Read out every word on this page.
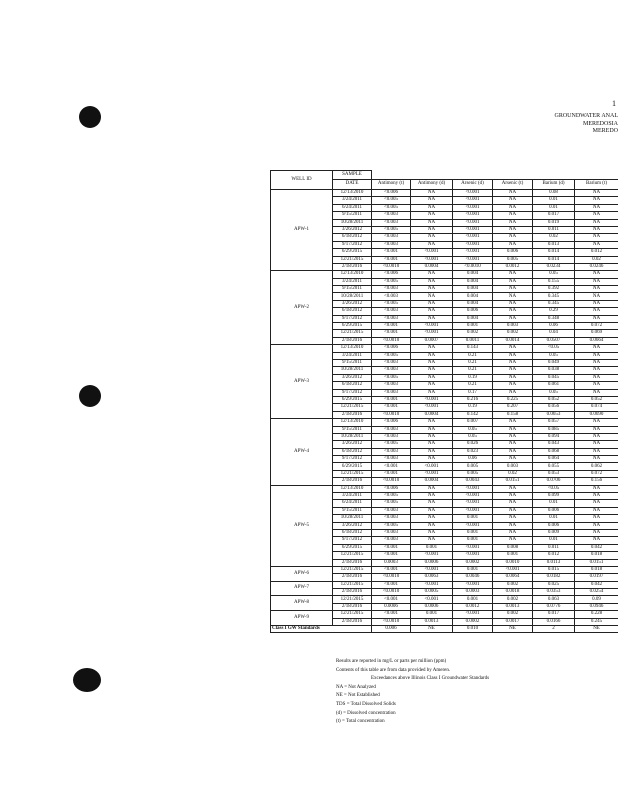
1
GROUNDWATER ANAL
MEREDOSIA
MEREDO
WELL ID	SAMPLE						
	DATE	Antimony (t)	Antimony (d)	Arsenic (d)	Arsenic (t)	Barium (d)	Barium (t)
APW-1	12/13/2010	<0.006	NA	<0.001	NA	0.08	NA
	3/24/2011	<0.005	NA	<0.001	NA	0.01	NA
	6/24/2011	<0.005	NA	<0.001	NA	0.01	NA
	9/15/2011	<0.003	NA	<0.001	NA	0.017	NA
	10/28/2011	<0.003	NA	<0.001	NA	0.019	NA
	3/26/2012	<0.005	NA	<0.001	NA	0.011	NA
	6/18/2012	<0.003	NA	<0.001	NA	0.02	NA
	9/17/2012	<0.003	NA	<0.001	NA	0.013	NA
	6/29/2015	<0.001	<0.001	<0.001	0.006	0.014	0.012
	12/21/2015	<0.001	<0.001	<0.001	0.005	0.014	0.02
	2/18/2016	<0.0010	0.0004	<0.0010	0.0012	0.0234	0.0246
APW-2	12/13/2010	<0.006	NA	0.004	NA	0.05	NA
	3/24/2011	<0.005	NA	0.004	NA	0.155	NA
	9/15/2011	<0.003	NA	0.004	NA	0.392	NA
	10/28/2011	<0.003	NA	0.004	NA	0.345	NA
	3/26/2012	<0.005	NA	0.004	NA	0.345	NA
	6/18/2012	<0.003	NA	0.006	NA	0.29	NA
	9/17/2012	<0.003	NA	0.004	NA	0.348	NA
	6/29/2015	<0.001	<0.001	0.001	0.003	0.06	0.072
	12/21/2015	<0.001	<0.001	0.002	0.002	0.04	0.069
	2/18/2016	<0.0010	0.0007	0.0011	0.0014	0.0507	0.0664
APW-3	12/13/2010	<0.006	NA	0.143	NA	<0.05	NA
	3/24/2011	<0.005	NA	0.21	NA	0.05	NA
	9/15/2011	<0.003	NA	0.21	NA	0.049	NA
	10/28/2011	<0.003	NA	0.21	NA	0.038	NA
	3/26/2012	<0.005	NA	0.19	NA	0.045	NA
	6/18/2012	<0.003	NA	0.21	NA	0.061	NA
	9/17/2012	<0.003	NA	0.17	NA	0.05	NA
	6/29/2015	<0.001	<0.001	0.216	0.225	0.052	0.052
	12/21/2015	<0.001	<0.001	0.19	0.207	0.056	0.074
	2/18/2016	<0.0010	0.0004	0.142	0.158	0.0653	0.0690
APW-4	12/13/2010	<0.006	NA	0.007	NA	0.057	NA
	9/15/2011	<0.003	NA	0.05	NA	0.085	NA
	10/28/2011	<0.003	NA	0.05	NA	0.094	NA
	3/26/2012	<0.005	NA	0.026	NA	0.043	NA
	6/18/2012	<0.003	NA	0.023	NA	0.068	NA
	9/17/2012	<0.003	NA	0.06	NA	0.064	NA
	6/29/2015	<0.001	<0.001	0.005	0.003	0.055	0.062
	12/21/2015	<0.001	<0.001	0.005	0.02	0.053	0.072
	2/18/2016	<0.0010	0.0004	0.0043	0.0151	0.0706	0.156
APW-5	12/13/2010	<0.006	NA	<0.001	NA	<0.05	NA
	3/24/2011	<0.005	NA	<0.001	NA	0.099	NA
	6/24/2011	<0.005	NA	<0.001	NA	0.01	NA
	9/15/2011	<0.003	NA	<0.001	NA	0.006	NA
	10/28/2011	<0.003	NA	0.001	NA	0.01	NA
	3/26/2012	<0.005	NA	<0.001	NA	0.006	NA
	6/18/2012	<0.003	NA	0.001	NA	0.009	NA
	9/17/2012	<0.003	NA	0.001	NA	0.01	NA
	6/29/2015	<0.001	0.001	<0.001	0.008	0.011	0.042
	12/21/2015	<0.001	<0.001	<0.001	0.001	0.012	0.018
	2/18/2016	0.0003	0.0006	0.0002	0.0010	0.0113	0.0151
APW-6	12/21/2015	<0.001	<0.001	0.001	<0.001	0.015	0.018
	2/18/2016	<0.0010	0.0063	0.0046	0.0064	0.0182	0.0197
APW-7	12/21/2015	<0.001	<0.001	<0.001	0.002	0.025	0.042
	2/18/2016	<0.0010	0.0005	0.0003	0.0018	0.0353	0.0254
APW-8	12/21/2015	<0.001	<0.001	0.001	0.002	0.063	0.09
	2/18/2016	0.0006	0.0006	0.0012	0.0013	0.0776	0.0946
APW-9	12/21/2015	<0.001	0.001	<0.001	0.002	0.017	0.228
	2/18/2016	<0.0010	0.0013	0.0002	0.0017	0.0166	0.245
Class I GW Standards		0.006	NE	0.010	NE	2	NE
Results are reported in mg/L or parts per million (ppm)
Contents of this table are from data provided by Ameren.
Exceedances above Illinois Class I Groundwater Standards
NA = Not Analyzed
NE = Not Established
TDS = Total Dissolved Solids
(d) = Dissolved concentration
(t) = Total concentration
